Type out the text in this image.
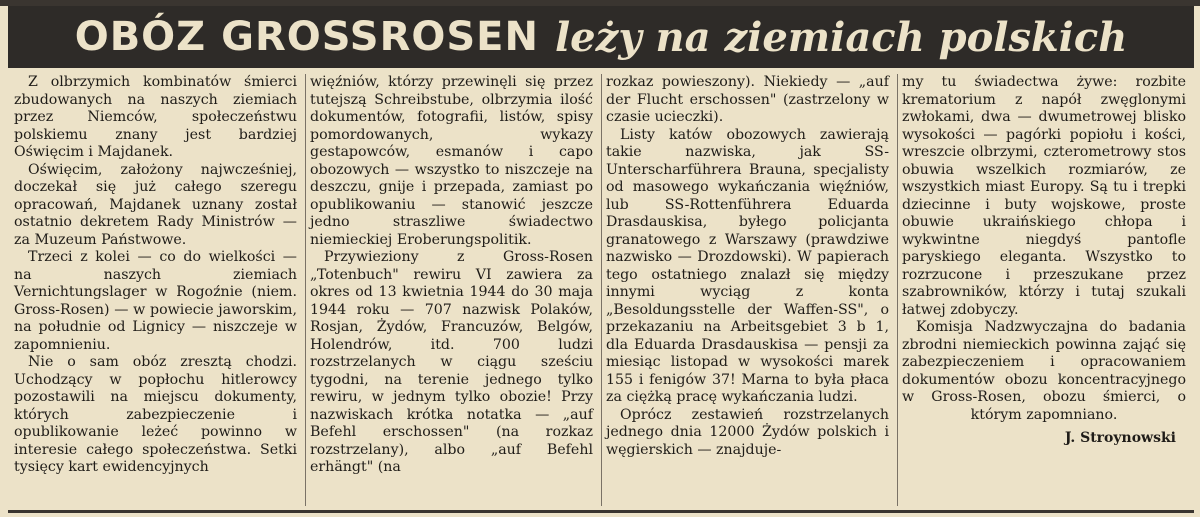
OBÓZ GROSSROSEN leży na ziemiach polskich

Z olbrzymich kombinatów śmierci zbudowanych na naszych ziemiach przez Niemców, społeczeństwu polskiemu znany jest bardziej Oświęcim i Majdanek.

Oświęcim, założony najwcześniej, doczekał się już całego szeregu opracowań, Majdanek uznany został ostatnio dekretem Rady Ministrów — za Muzeum Państwowe.

Trzeci z kolei — co do wielkości — na naszych ziemiach Vernichtungslager w Rogoźnie (niem. Gross-Rosen) — w powiecie jaworskim, na południe od Lignicy — niszczeje w zapomnieniu.

Nie o sam obóz zresztą chodzi. Uchodzący w popłochu hitlerowcy pozostawili na miejscu dokumenty, których zabezpieczenie i opublikowanie leżeć powinno w interesie całego społeczeństwa. Setki tysięcy kart ewidencyjnych

więźniów, którzy przewinęli się przez tutejszą Schreibstube, olbrzymia ilość dokumentów, fotografii, listów, spisy pomordowanych, wykazy gestapowców, esmanów i capo obozowych — wszystko to niszczeje na deszczu, gnije i przepada, zamiast po opublikowaniu — stanowić jeszcze jedno straszliwe świadectwo niemieckiej Eroberungspolitik.

Przywieziony z Gross-Rosen „Totenbuch" rewiru VI zawiera za okres od 13 kwietnia 1944 do 30 maja 1944 roku — 707 nazwisk Polaków, Rosjan, Żydów, Francuzów, Belgów, Holendrów, itd. 700 ludzi rozstrzelanych w ciągu sześciu tygodni, na terenie jednego tylko rewiru, w jednym tylko obozie! Przy nazwiskach krótka notatka — „auf Befehl erschossen" (na rozkaz rozstrzelany), albo „auf Befehl erhängt" (na

rozkaz powieszony). Niekiedy — „auf der Flucht erschossen" (zastrzelony w czasie ucieczki).

Listy katów obozowych zawierają takie nazwiska, jak SS-Unterscharführera Brauna, specjalisty od masowego wykańczania więźniów, lub SS-Rottenführera Eduarda Drasdauskisa, byłego policjanta granatowego z Warszawy (prawdziwe nazwisko — Drozdowski). W papierach tego ostatniego znalazł się między innymi wyciąg z konta „Besoldungsstelle der Waffen-SS", o przekazaniu na Arbeitsgebiet 3 b 1, dla Eduarda Drasdauskisa — pensji za miesiąc listopad w wysokości marek 155 i fenigów 37! Marna to była płaca za ciężką pracę wykańczania ludzi.

Oprócz zestawień rozstrzelanych jednego dnia 12000 Żydów polskich i węgierskich — znajduje-

my tu świadectwa żywe: rozbite krematorium z napół zwęglonymi zwłokami, dwa — dwumetrowej blisko wysokości — pagórki popiołu i kości, wreszcie olbrzymi, czterometrowy stos obuwia wszelkich rozmiarów, ze wszystkich miast Europy. Są tu i trepki dziecinne i buty wojskowe, proste obuwie ukraińskiego chłopa i wykwintne niegdyś pantofle paryskiego eleganta. Wszystko to rozrzucone i przeszukane przez szabrowników, którzy i tutaj szukali łatwej zdobyczy.

Komisja Nadzwyczajna do badania zbrodni niemieckich powinna zająć się zabezpieczeniem i opracowaniem dokumentów obozu koncentracyjnego w Gross-Rosen, obozu śmierci, o którym zapomniano.

J. Stroynowski
